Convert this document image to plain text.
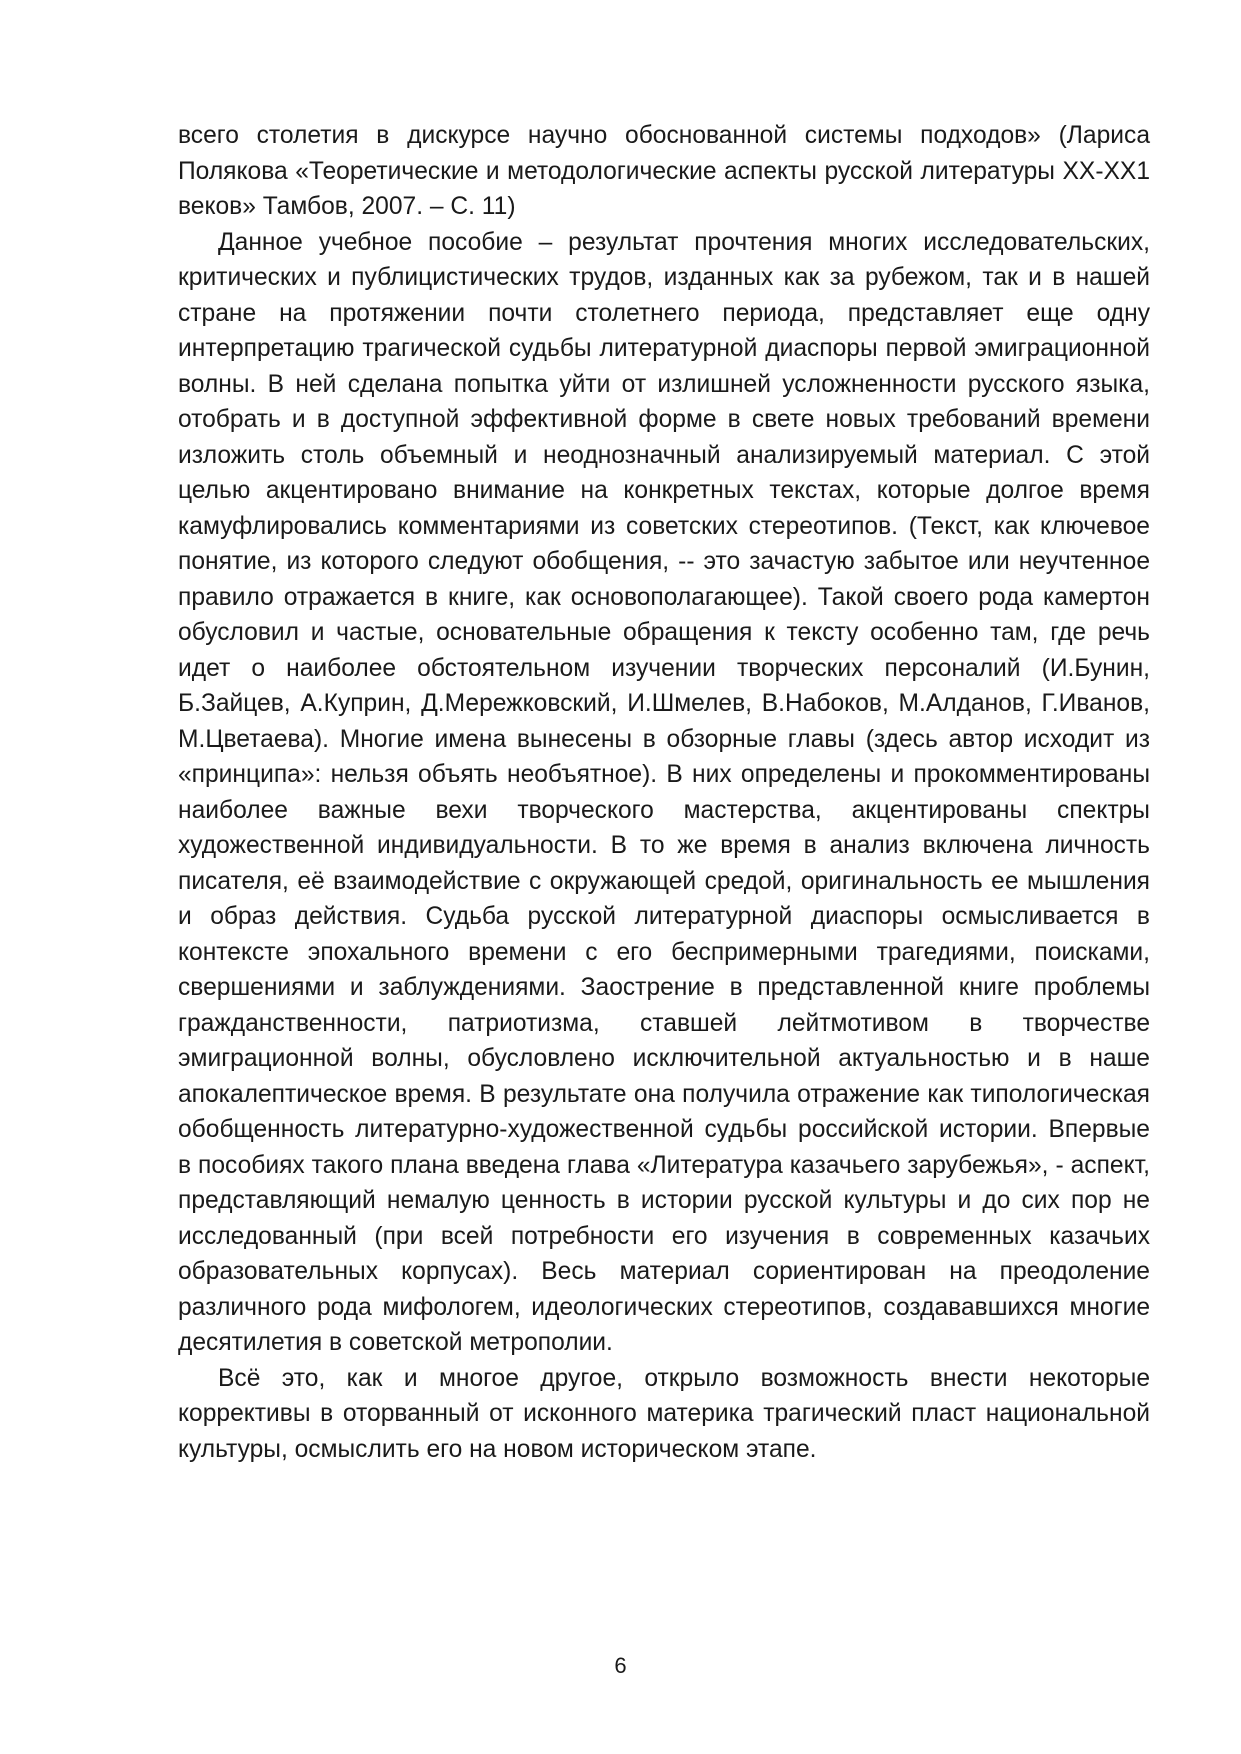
всего столетия в дискурсе научно обоснованной системы подходов» (Лариса Полякова «Теоретические и методологические аспекты русской литературы XX-XX1 веков» Тамбов, 2007. – С. 11)

Данное учебное пособие – результат прочтения многих исследовательских, критических и публицистических трудов, изданных как за рубежом, так и в нашей стране на протяжении почти столетнего периода, представляет еще одну интерпретацию трагической судьбы литературной диаспоры первой эмиграционной волны. В ней сделана попытка уйти от излишней усложненности русского языка, отобрать и в доступной эффективной форме в свете новых требований времени изложить столь объемный и неоднозначный анализируемый материал. С этой целью акцентировано внимание на конкретных текстах, которые долгое время камуфлировались комментариями из советских стереотипов. (Текст, как ключевое понятие, из которого следуют обобщения, -- это зачастую забытое или неучтенное правило отражается в книге, как основополагающее). Такой своего рода камертон обусловил и частые, основательные обращения к тексту особенно там, где речь идет о наиболее обстоятельном изучении творческих персоналий (И.Бунин, Б.Зайцев, А.Куприн, Д.Мережковский, И.Шмелев, В.Набоков, М.Алданов, Г.Иванов, М.Цветаева). Многие имена вынесены в обзорные главы (здесь автор исходит из «принципа»: нельзя объять необъятное). В них определены и прокомментированы наиболее важные вехи творческого мастерства, акцентированы спектры художественной индивидуальности. В то же время в анализ включена личность писателя, её взаимодействие с окружающей средой, оригинальность ее мышления и образ действия. Судьба русской литературной диаспоры осмысливается в контексте эпохального времени с его беспримерными трагедиями, поисками, свершениями и заблуждениями. Заострение в представленной книге проблемы гражданственности, патриотизма, ставшей лейтмотивом в творчестве эмиграционной волны, обусловлено исключительной актуальностью и в наше апокалептическое время. В результате она получила отражение как типологическая обобщенность литературно-художественной судьбы российской истории. Впервые в пособиях такого плана введена глава «Литература казачьего зарубежья», - аспект, представляющий немалую ценность в истории русской культуры и до сих пор не исследованный (при всей потребности его изучения в современных казачьих образовательных корпусах). Весь материал сориентирован на преодоление различного рода мифологем, идеологических стереотипов, создававшихся многие десятилетия в советской метрополии.

Всё это, как и многое другое, открыло возможность внести некоторые коррективы в оторванный от исконного материка трагический пласт национальной культуры, осмыслить его на новом историческом этапе.

6
